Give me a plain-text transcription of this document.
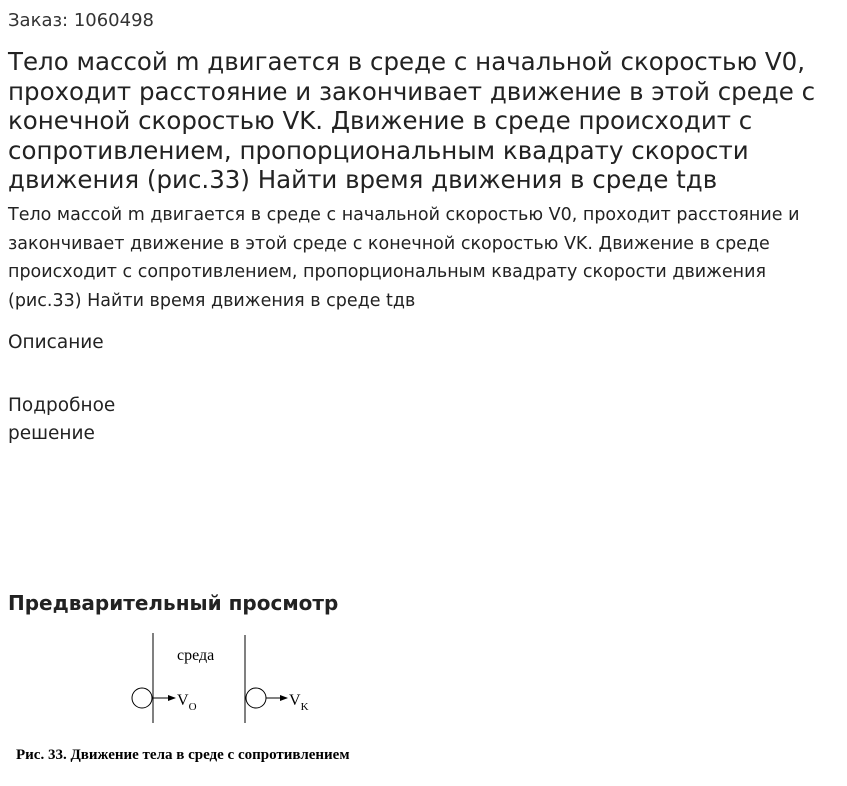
Заказ: 1060498
Тело массой m двигается в среде с начальной скоростью V0, проходит расстояние и закончивает движение в этой среде с конечной скоростью VK. Движение в среде происходит с сопротивлением, пропорциональным квадрату скорости движения (рис.33) Найти время движения в среде tдв

Тело массой m двигается в среде с начальной скоростью V0, проходит расстояние и закончивает движение в этой среде с конечной скоростью VK. Движение в среде происходит с сопротивлением, пропорциональным квадрату скорости движения (рис.33) Найти время движения в среде tдв

Описание
Подробное решение
Предварительный просмотр
среда
$V_O$	$V_K$
Рис. 33. Движение тела в среде с сопротивлением
